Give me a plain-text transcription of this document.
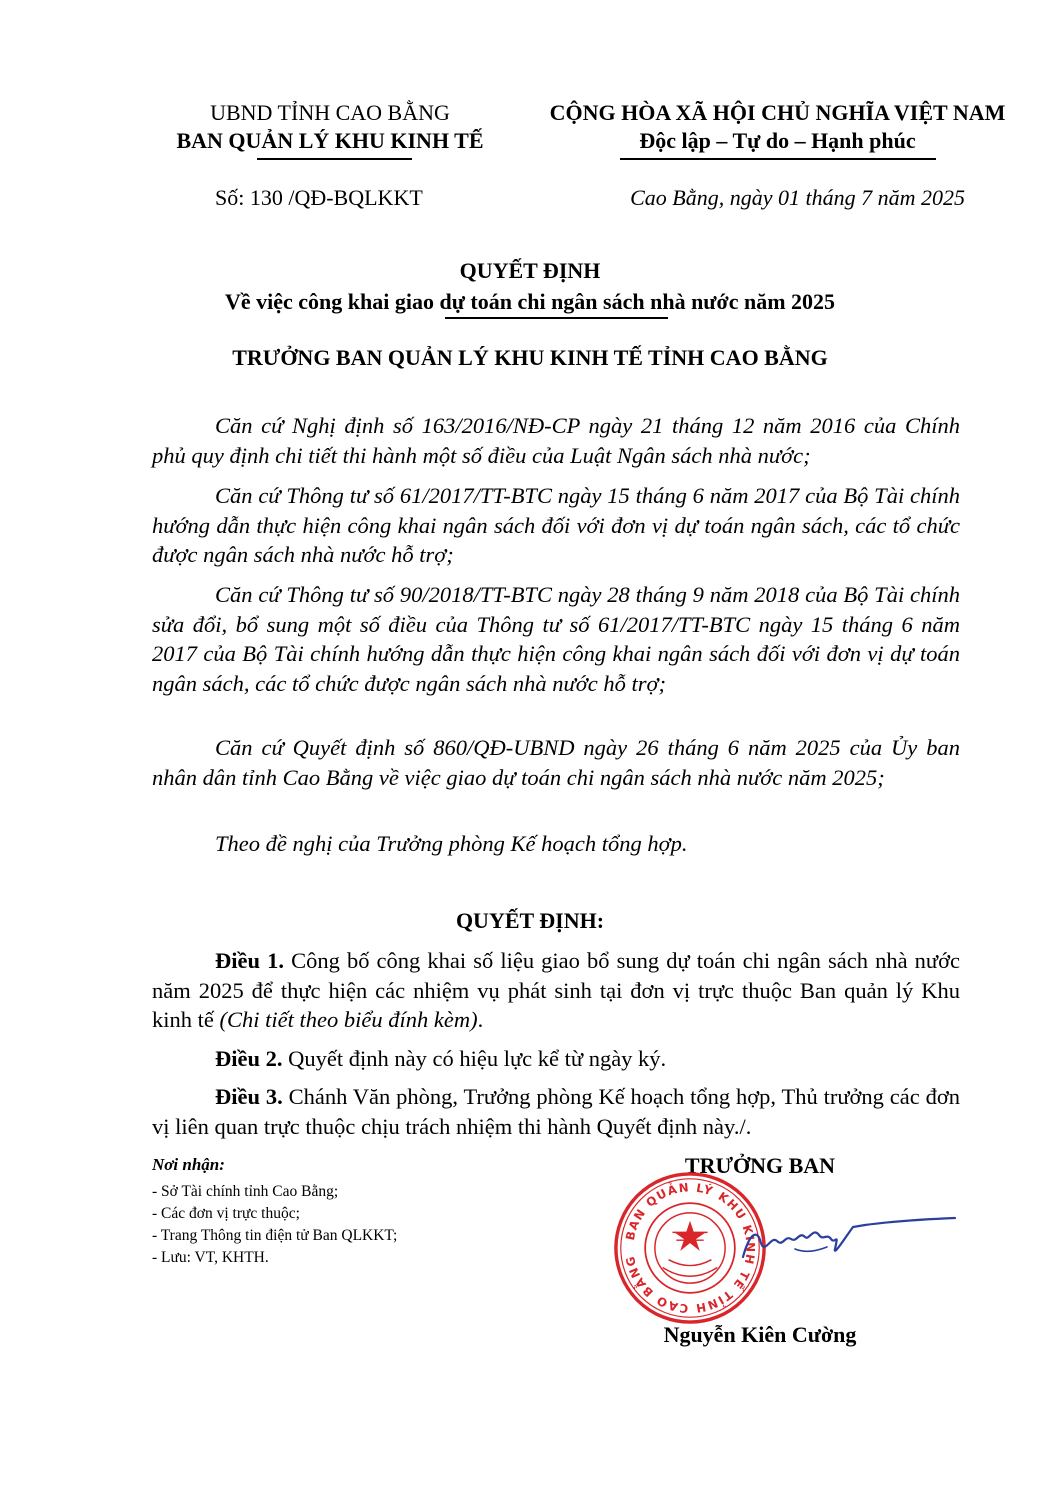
UBND TỈNH CAO BẰNG
BAN QUẢN LÝ KHU KINH TẾ
CỘNG HÒA XÃ HỘI CHỦ NGHĨA VIỆT NAM
Độc lập – Tự do – Hạnh phúc
Số: 130 /QĐ-BQLKKT	Cao Bằng, ngày 01 tháng 7 năm 2025
QUYẾT ĐỊNH
Về việc công khai giao dự toán chi ngân sách nhà nước năm 2025
TRƯỞNG BAN QUẢN LÝ KHU KINH TẾ TỈNH CAO BẰNG
Căn cứ Nghị định số 163/2016/NĐ-CP ngày 21 tháng 12 năm 2016 của Chính phủ quy định chi tiết thi hành một số điều của Luật Ngân sách nhà nước;
Căn cứ Thông tư số 61/2017/TT-BTC ngày 15 tháng 6 năm 2017 của Bộ Tài chính hướng dẫn thực hiện công khai ngân sách đối với đơn vị dự toán ngân sách, các tổ chức được ngân sách nhà nước hỗ trợ;
Căn cứ Thông tư số 90/2018/TT-BTC ngày 28 tháng 9 năm 2018 của Bộ Tài chính sửa đổi, bổ sung một số điều của Thông tư số 61/2017/TT-BTC ngày 15 tháng 6 năm 2017 của Bộ Tài chính hướng dẫn thực hiện công khai ngân sách đối với đơn vị dự toán ngân sách, các tổ chức được ngân sách nhà nước hỗ trợ;
Căn cứ Quyết định số 860/QĐ-UBND ngày 26 tháng 6 năm 2025 của Ủy ban nhân dân tỉnh Cao Bằng về việc giao dự toán chi ngân sách nhà nước năm 2025;
Theo đề nghị của Trưởng phòng Kế hoạch tổng hợp.
QUYẾT ĐỊNH:
Điều 1. Công bố công khai số liệu giao bổ sung dự toán chi ngân sách nhà nước năm 2025 để thực hiện các nhiệm vụ phát sinh tại đơn vị trực thuộc Ban quản lý Khu kinh tế (Chi tiết theo biểu đính kèm).
Điều 2. Quyết định này có hiệu lực kể từ ngày ký.
Điều 3. Chánh Văn phòng, Trưởng phòng Kế hoạch tổng hợp, Thủ trưởng các đơn vị liên quan trực thuộc chịu trách nhiệm thi hành Quyết định này./.
Nơi nhận:
- Sở Tài chính tỉnh Cao Bằng;
- Các đơn vị trực thuộc;
- Trang Thông tin điện tử Ban QLKKT;
- Lưu: VT, KHTH.
TRƯỞNG BAN
BAN QUẢN LÝ KHU KINH TẾ TỈNH CAO BẰNG
Nguyễn Kiên Cường
